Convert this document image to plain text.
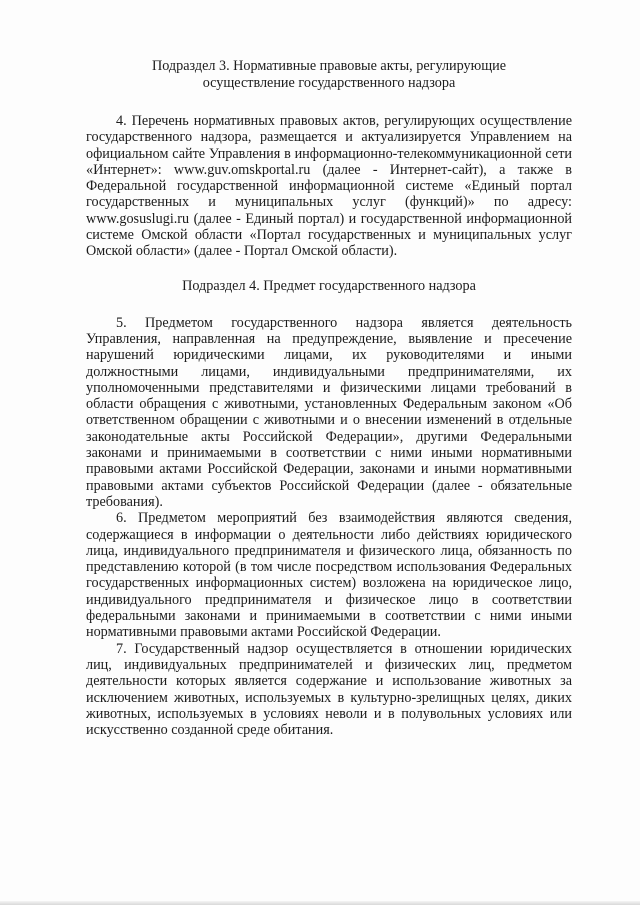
Подраздел 3. Нормативные правовые акты, регулирующие
осуществление государственного надзора

4. Перечень нормативных правовых актов, регулирующих осуществление государственного надзора, размещается и актуализируется Управлением на официальном сайте Управления в информационно-телекоммуникационной сети «Интернет»: www.guv.omskportal.ru (далее - Интернет-сайт), а также в Федеральной государственной информационной системе «Единый портал государственных и муниципальных услуг (функций)» по адресу: www.gosuslugi.ru (далее - Единый портал) и государственной информационной системе Омской области «Портал государственных и муниципальных услуг Омской области» (далее - Портал Омской области).

Подраздел 4. Предмет государственного надзора

5. Предметом государственного надзора является деятельность Управления, направленная на предупреждение, выявление и пресечение нарушений юридическими лицами, их руководителями и иными должностными лицами, индивидуальными предпринимателями, их уполномоченными представителями и физическими лицами требований в области обращения с животными, установленных Федеральным законом «Об ответственном обращении с животными и о внесении изменений в отдельные законодательные акты Российской Федерации», другими Федеральными законами и принимаемыми в соответствии с ними иными нормативными правовыми актами Российской Федерации, законами и иными нормативными правовыми актами субъектов Российской Федерации (далее - обязательные требования).

6. Предметом мероприятий без взаимодействия являются сведения, содержащиеся в информации о деятельности либо действиях юридического лица, индивидуального предпринимателя и физического лица, обязанность по представлению которой (в том числе посредством использования Федеральных государственных информационных систем) возложена на юридическое лицо, индивидуального предпринимателя и физическое лицо в соответствии федеральными законами и принимаемыми в соответствии с ними иными нормативными правовыми актами Российской Федерации.

7. Государственный надзор осуществляется в отношении юридических лиц, индивидуальных предпринимателей и физических лиц, предметом деятельности которых является содержание и использование животных за исключением животных, используемых в культурно-зрелищных целях, диких животных, используемых в условиях неволи и в полувольных условиях или искусственно созданной среде обитания.
